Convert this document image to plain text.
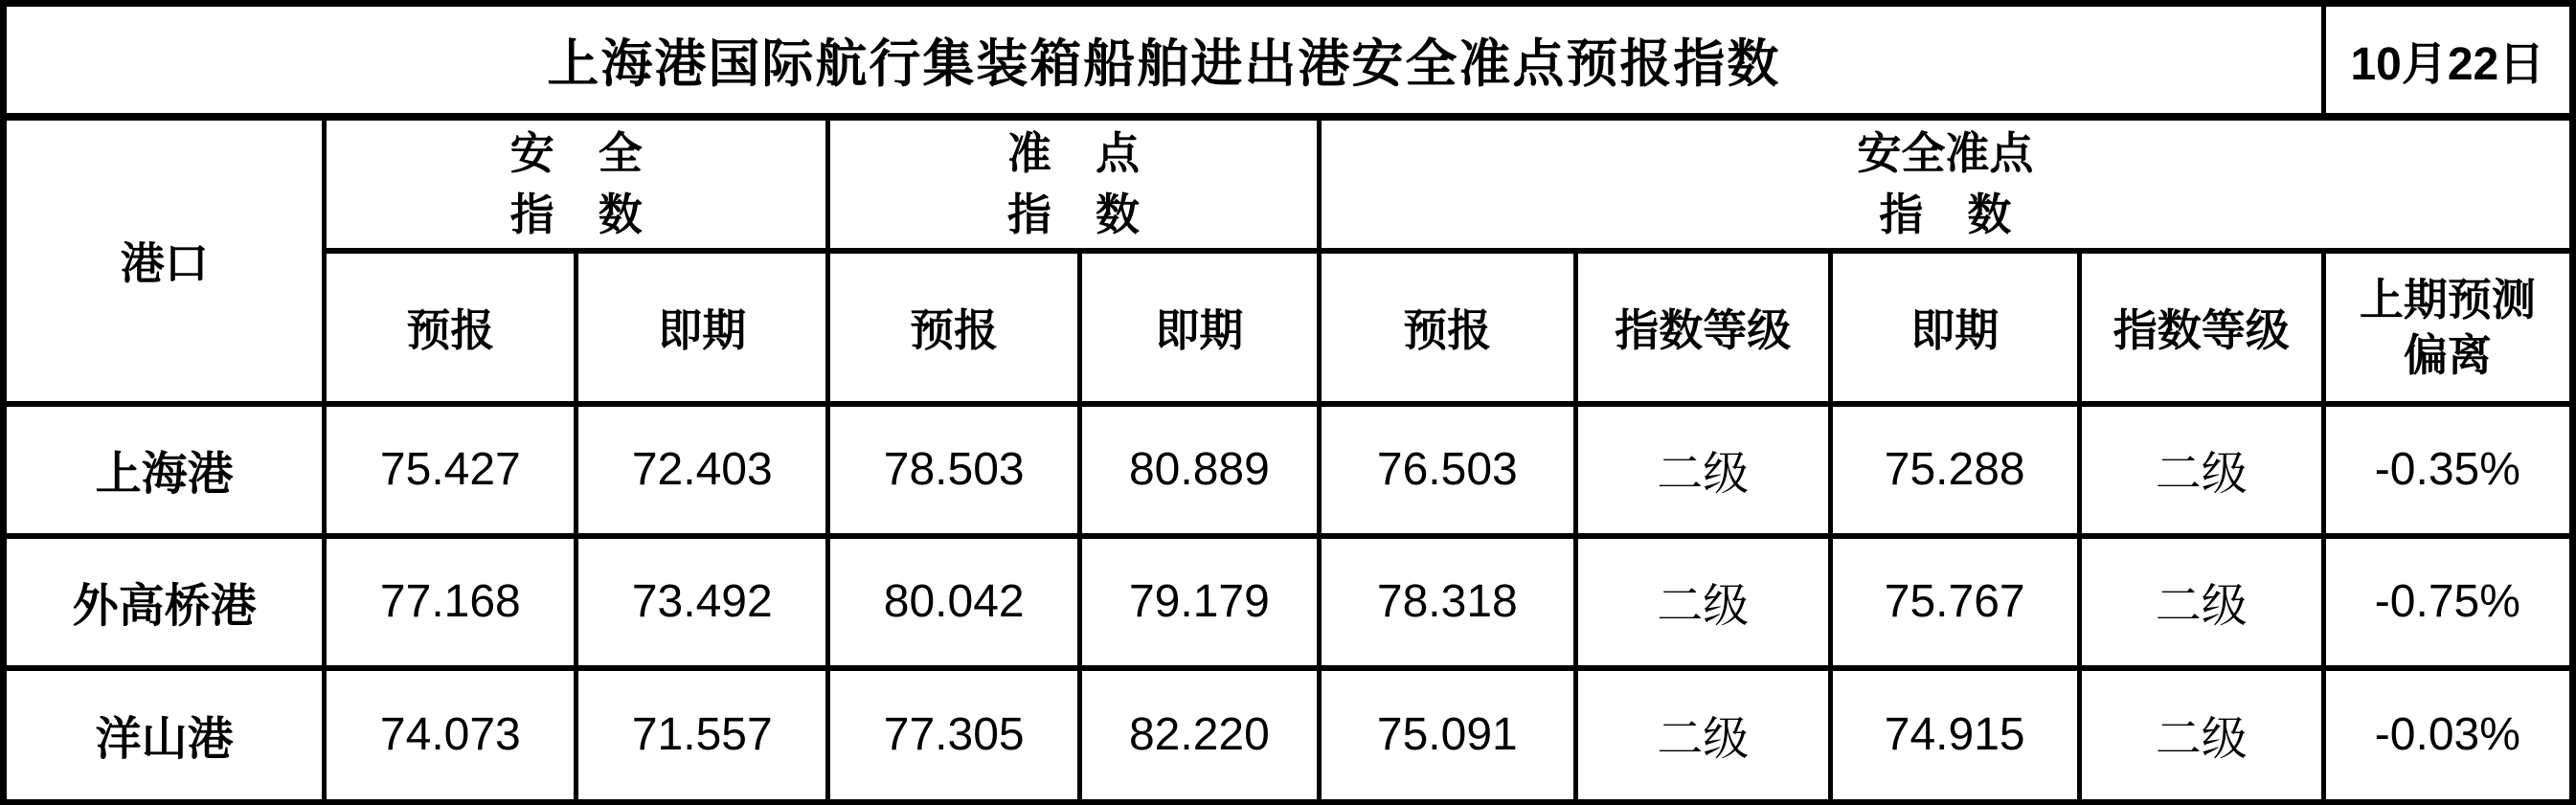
上海港国际航行集装箱船舶进出港安全准点预报指数									10月22日
港口	
安　全
指　数

准　点
指　数

安全准点
指　数

	预报	即期	预报	即期	预报	指数等级	即期	指数等级	上期预测
偏离

上海港	75.427	72.403	78.503	80.889	76.503	二级	75.288	二级	-0.35%
外高桥港	77.168	73.492	80.042	79.179	78.318	二级	75.767	二级	-0.75%
洋山港	74.073	71.557	77.305	82.220	75.091	二级	74.915	二级	-0.03%
